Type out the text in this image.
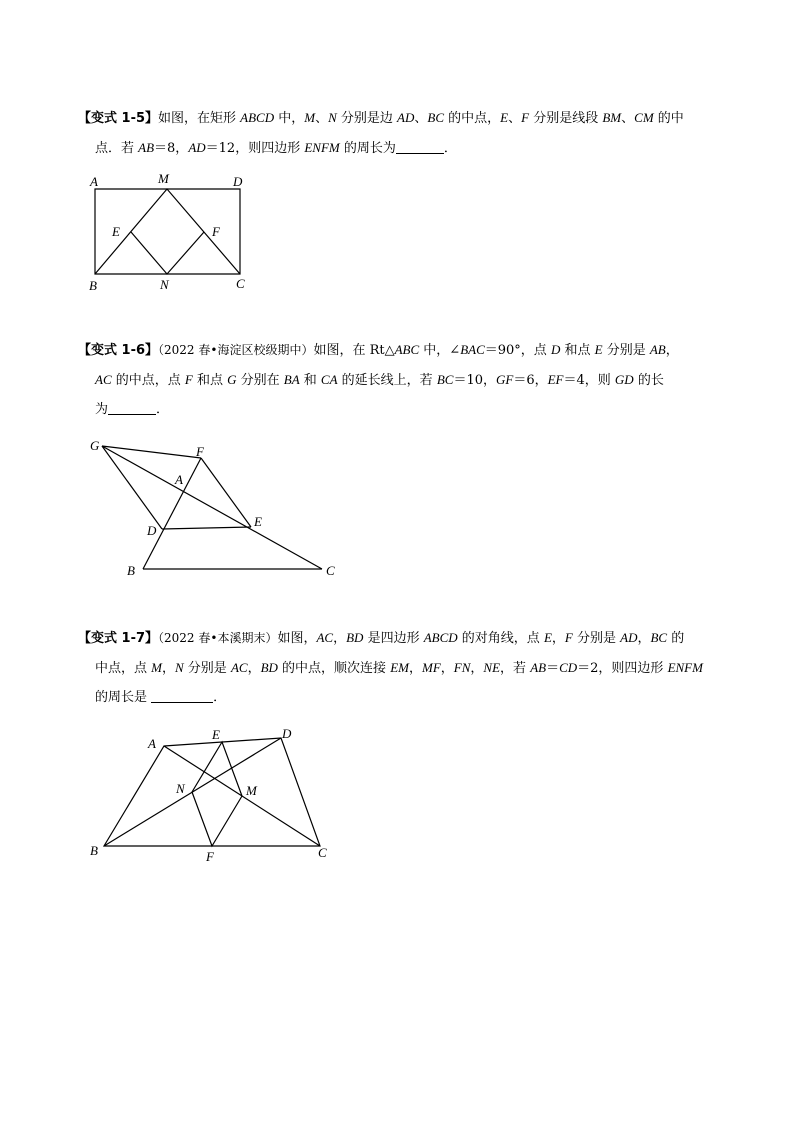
【变式 1-5】如图，在矩形 ABCD 中，M、N 分别是边 AD、BC 的中点，E、F 分别是线段 BM、CM 的中
点．若 AB＝8，AD＝12，则四边形 ENFM 的周长为	．
A	M	D
E	F
B	N	C
【变式 1-6】（2022 春•海淀区校级期中）如图，在 Rt△ABC 中，∠BAC＝90°，点 D 和点 E 分别是 AB，
AC 的中点，点 F 和点 G 分别在 BA 和 CA 的延长线上，若 BC＝10，GF＝6，EF＝4，则 GD 的长
为	．
G	F
A
E
D
B	C
【变式 1-7】（2022 春•本溪期末）如图，AC，BD 是四边形 ABCD 的对角线，点 E，F 分别是 AD，BC 的
中点，点 M，N 分别是 AC，BD 的中点，顺次连接 EM，MF，FN，NE，若 AB＝CD＝2，则四边形 ENFM
的周长是	．
A
E	D
N	M
B	F	C
